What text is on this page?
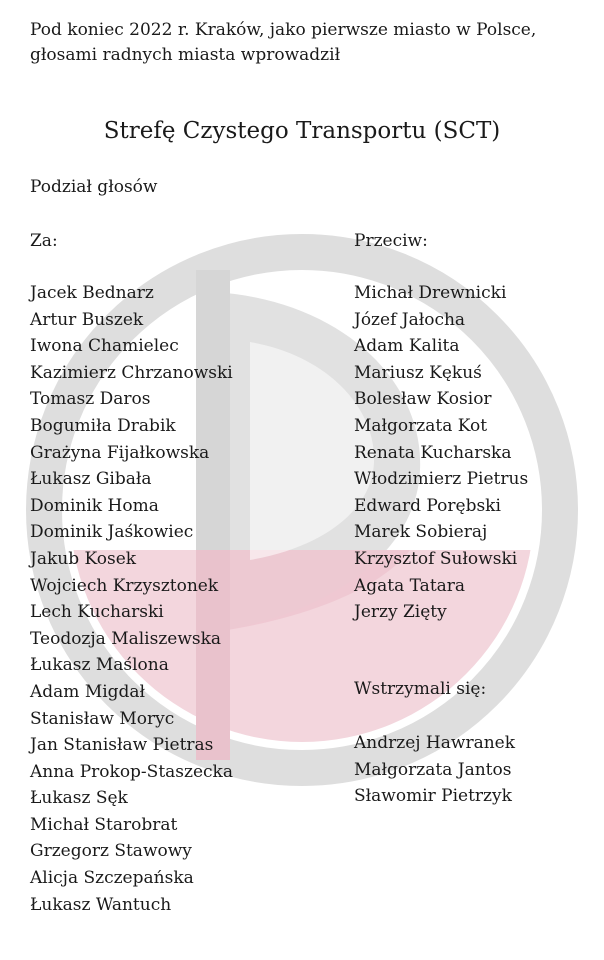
Pod koniec 2022 r. Kraków, jako pierwsze miasto w Polsce, głosami radnych miasta wprowadził
Strefę Czystego Transportu (SCT)
Podział głosów
Za:	Przeciw:
Jacek Bednarz
Artur Buszek
Iwona Chamielec
Kazimierz Chrzanowski
Tomasz Daros
Bogumiła Drabik
Grażyna Fijałkowska
Łukasz Gibała
Dominik Homa
Dominik Jaśkowiec
Jakub Kosek
Wojciech Krzysztonek
Lech Kucharski
Teodozja Maliszewska
Łukasz Maślona
Adam Migdał
Stanisław Moryc
Jan Stanisław Pietras
Anna Prokop-Staszecka
Łukasz Sęk
Michał Starobrat
Grzegorz Stawowy
Alicja Szczepańska
Łukasz Wantuch
Michał Drewnicki
Józef Jałocha
Adam Kalita
Mariusz Kękuś
Bolesław Kosior
Małgorzata Kot
Renata Kucharska
Włodzimierz Pietrus
Edward Porębski
Marek Sobieraj
Krzysztof Sułowski
Agata Tatara
Jerzy Zięty
Wstrzymali się:
Andrzej Hawranek
Małgorzata Jantos
Sławomir Pietrzyk
